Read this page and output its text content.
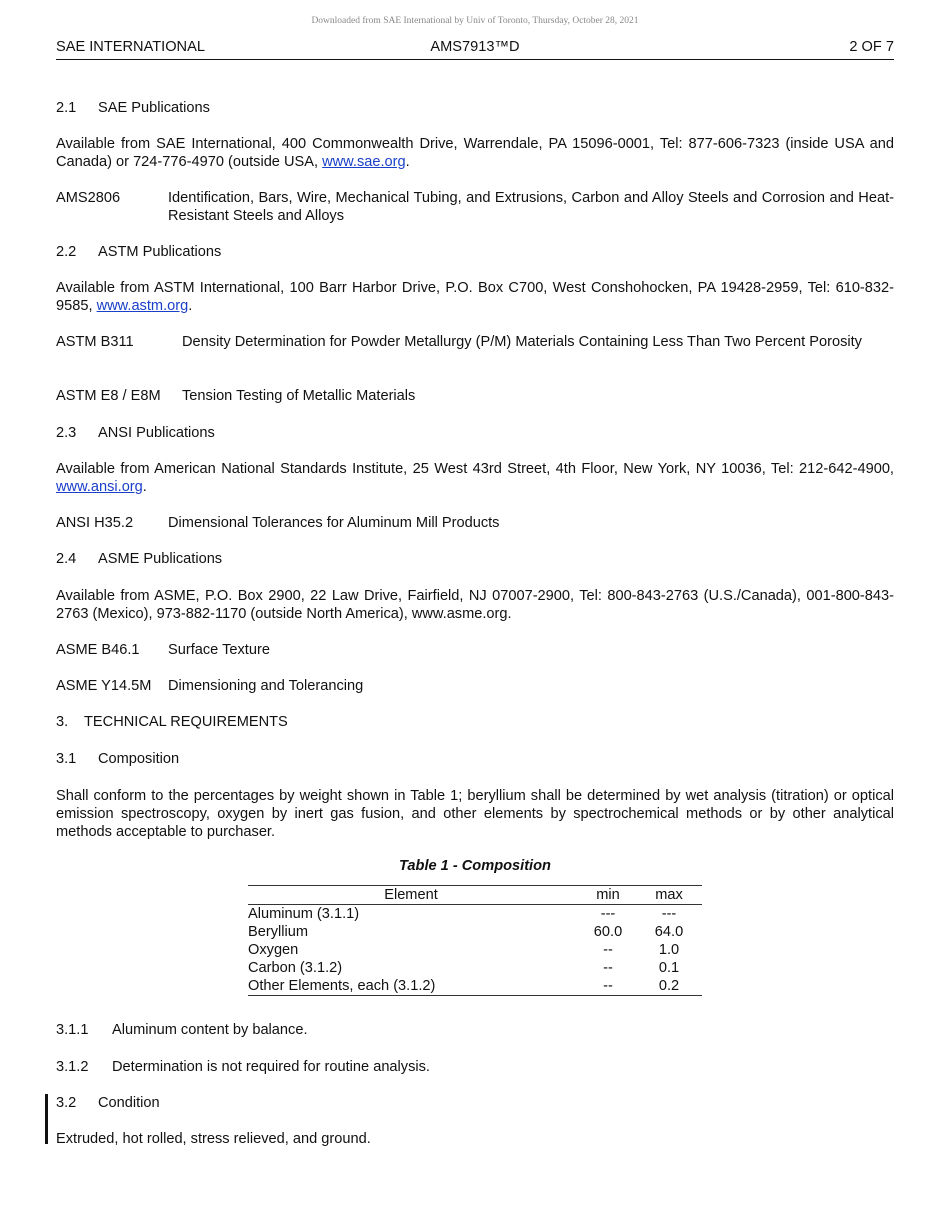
Downloaded from SAE International by Univ of Toronto, Thursday, October 28, 2021
SAE INTERNATIONAL	AMS7913™D	2 OF 7
2.1 SAE Publications
Available from SAE International, 400 Commonwealth Drive, Warrendale, PA 15096-0001, Tel: 877-606-7323 (inside USA and Canada) or 724-776-4970 (outside USA, www.sae.org.
AMS2806	Identification, Bars, Wire, Mechanical Tubing, and Extrusions, Carbon and Alloy Steels and Corrosion and Heat-Resistant Steels and Alloys
2.2 ASTM Publications
Available from ASTM International, 100 Barr Harbor Drive, P.O. Box C700, West Conshohocken, PA 19428-2959, Tel: 610-832-9585, www.astm.org.
ASTM B311	Density Determination for Powder Metallurgy (P/M) Materials Containing Less Than Two Percent Porosity
ASTM E8 / E8M Tension Testing of Metallic Materials
2.3 ANSI Publications
Available from American National Standards Institute, 25 West 43rd Street, 4th Floor, New York, NY 10036, Tel: 212-642-4900, www.ansi.org.
ANSI H35.2 Dimensional Tolerances for Aluminum Mill Products
2.4 ASME Publications
Available from ASME, P.O. Box 2900, 22 Law Drive, Fairfield, NJ 07007-2900, Tel: 800-843-2763 (U.S./Canada), 001-800-843-2763 (Mexico), 973-882-1170 (outside North America), www.asme.org.
ASME B46.1 Surface Texture
ASME Y14.5M Dimensioning and Tolerancing
3. TECHNICAL REQUIREMENTS
3.1 Composition
Shall conform to the percentages by weight shown in Table 1; beryllium shall be determined by wet analysis (titration) or optical emission spectroscopy, oxygen by inert gas fusion, and other elements by spectrochemical methods or by other analytical methods acceptable to purchaser.
Table 1 - Composition
Element	min	max
Aluminum (3.1.1)	---	---
Beryllium	60.0	64.0
Oxygen	--	1.0
Carbon (3.1.2)	--	0.1
Other Elements, each (3.1.2)	--	0.2
3.1.1 Aluminum content by balance.
3.1.2 Determination is not required for routine analysis.
3.2 Condition
Extruded, hot rolled, stress relieved, and ground.
